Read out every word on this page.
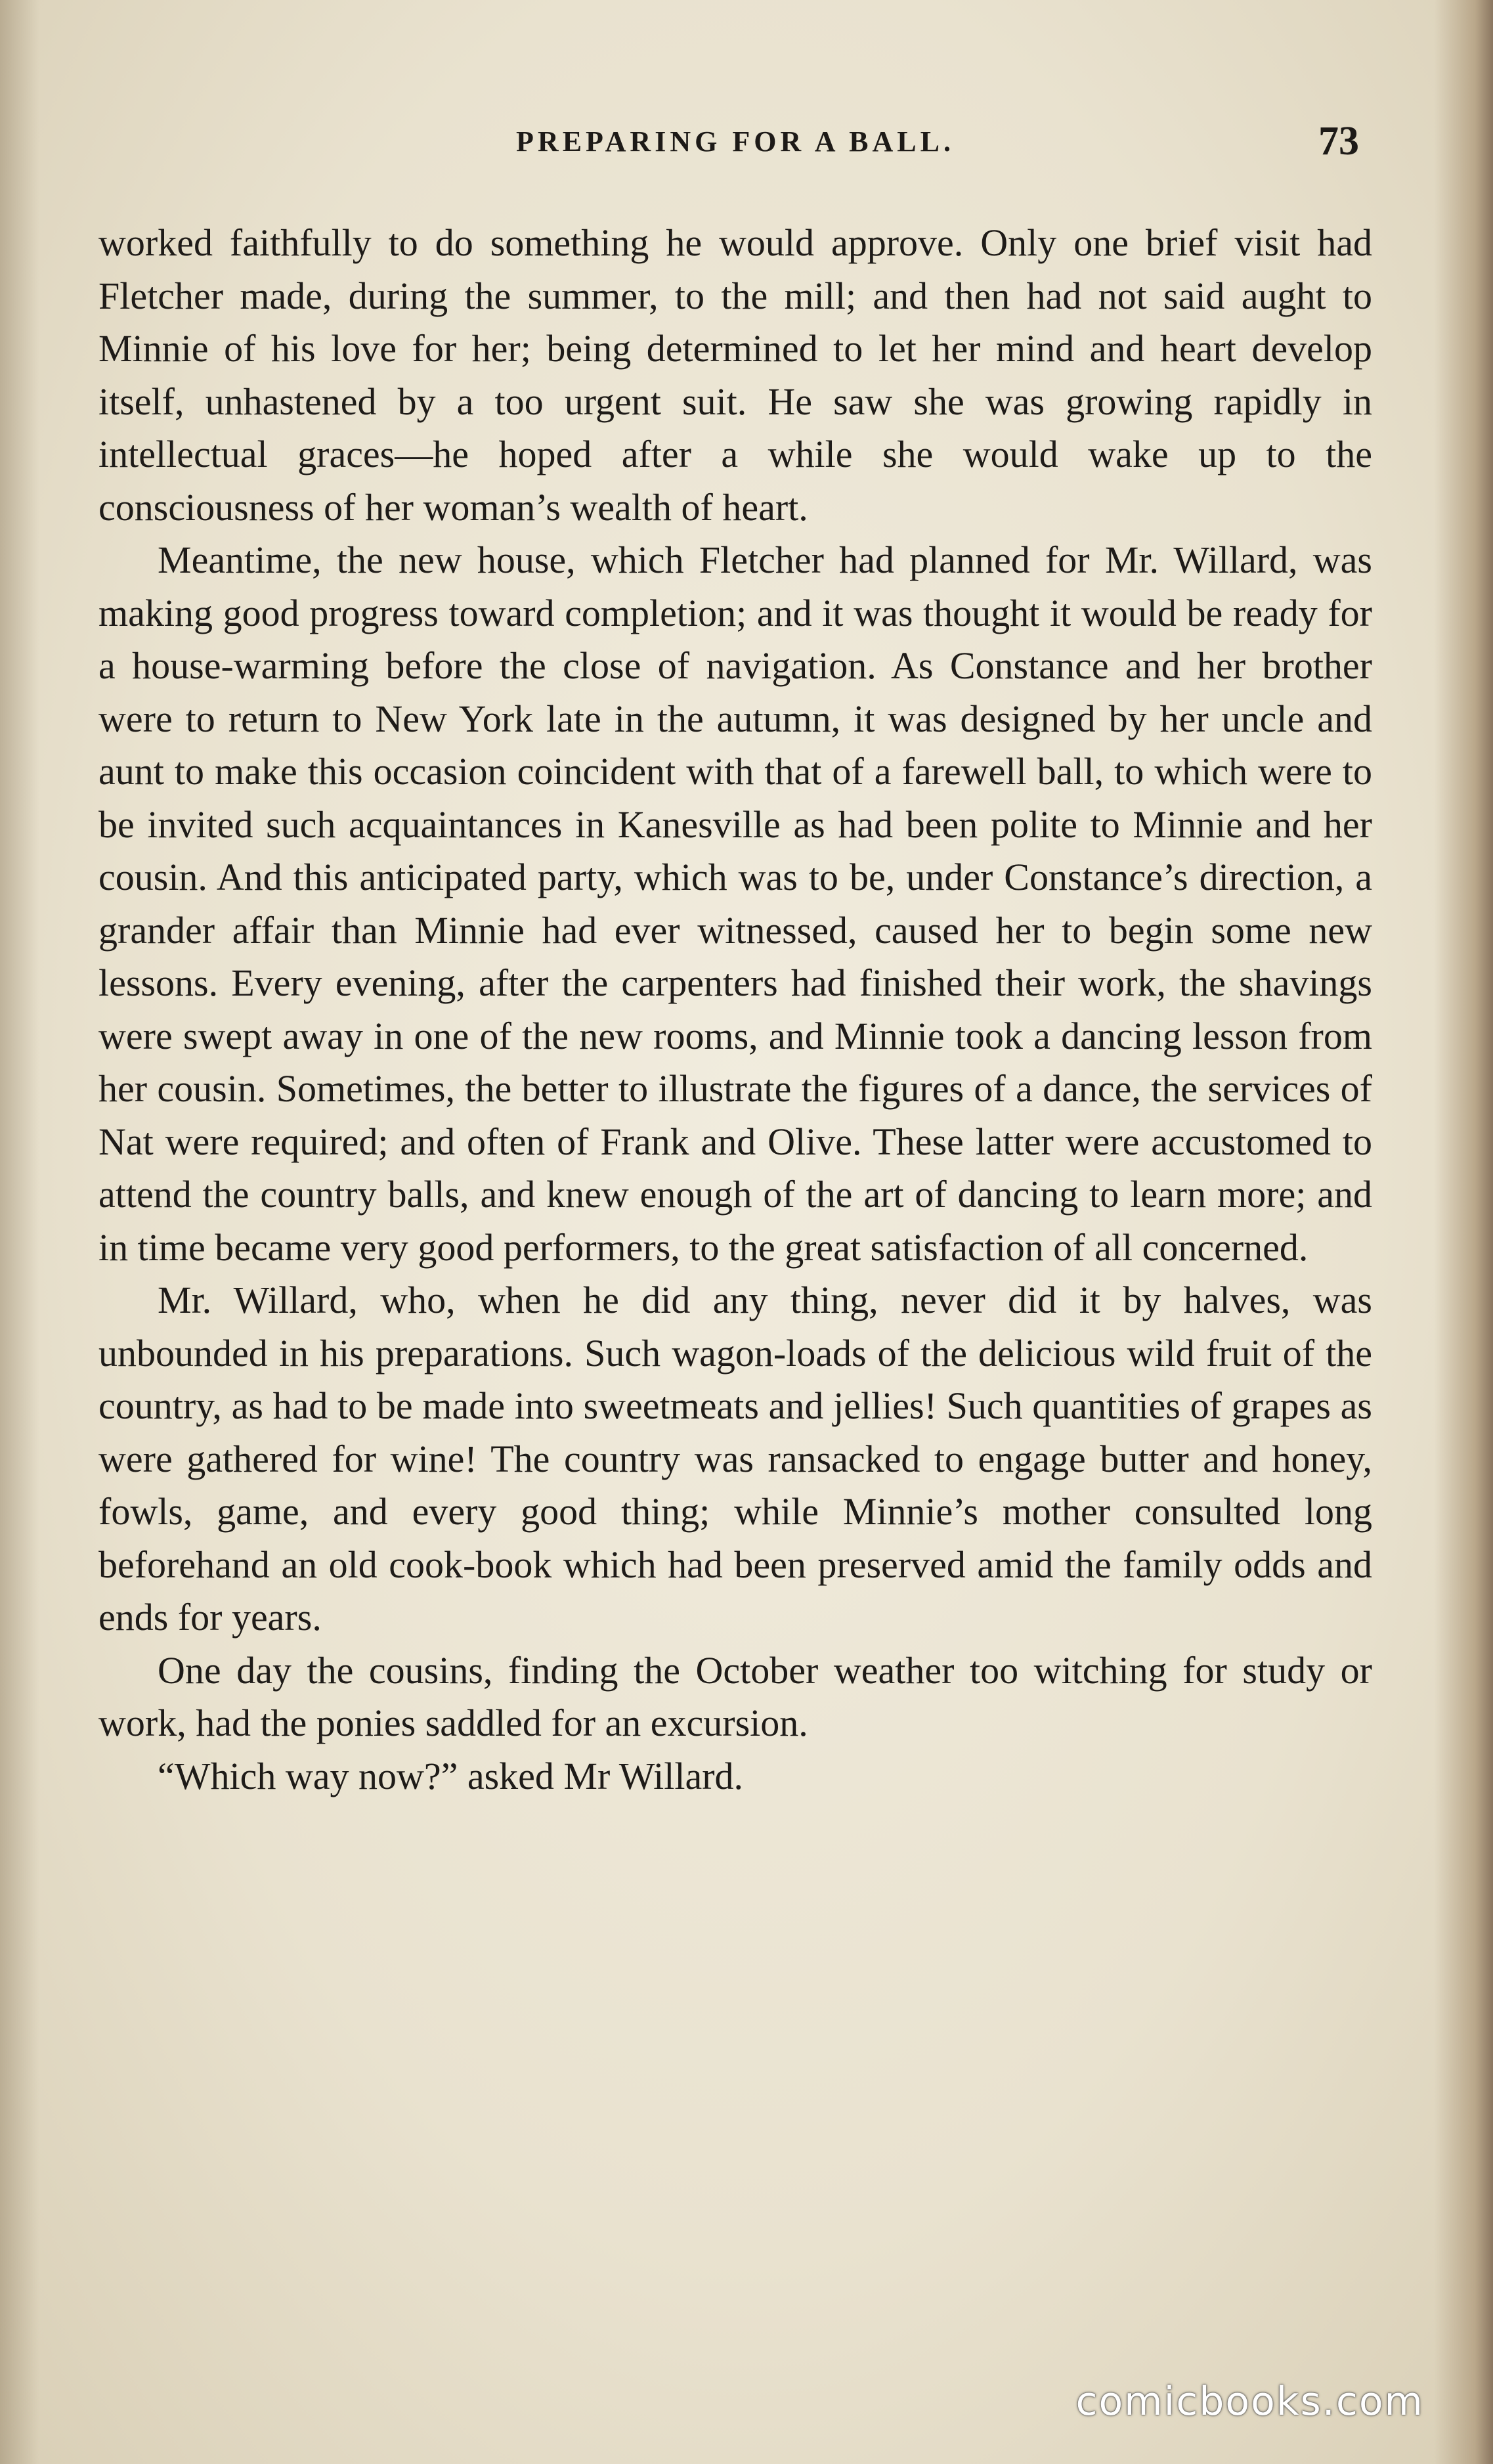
PREPARING FOR A BALL.	73

worked faithfully to do something he would approve. Only one brief visit had Fletcher made, during the summer, to the mill; and then had not said aught to Minnie of his love for her; being determined to let her mind and heart develop itself, unhastened by a too urgent suit. He saw she was growing rapidly in intellectual graces—he hoped after a while she would wake up to the consciousness of her woman’s wealth of heart.

Meantime, the new house, which Fletcher had planned for Mr. Willard, was making good progress toward completion; and it was thought it would be ready for a house-warming before the close of navigation. As Constance and her brother were to return to New York late in the autumn, it was designed by her uncle and aunt to make this occasion coincident with that of a farewell ball, to which were to be invited such acquaintances in Kanesville as had been polite to Minnie and her cousin. And this anticipated party, which was to be, under Constance’s direction, a grander affair than Minnie had ever witnessed, caused her to begin some new lessons. Every evening, after the carpenters had finished their work, the shavings were swept away in one of the new rooms, and Minnie took a dancing lesson from her cousin. Sometimes, the better to illustrate the figures of a dance, the services of Nat were required; and often of Frank and Olive. These latter were accustomed to attend the country balls, and knew enough of the art of dancing to learn more; and in time became very good performers, to the great satisfaction of all concerned.

Mr. Willard, who, when he did any thing, never did it by halves, was unbounded in his preparations. Such wagon-loads of the delicious wild fruit of the country, as had to be made into sweetmeats and jellies! Such quantities of grapes as were gathered for wine! The country was ransacked to engage butter and honey, fowls, game, and every good thing; while Minnie’s mother consulted long beforehand an old cook-book which had been preserved amid the family odds and ends for years.

One day the cousins, finding the October weather too witching for study or work, had the ponies saddled for an excursion.

“Which way now?” asked Mr Willard.

comicbooks.com
